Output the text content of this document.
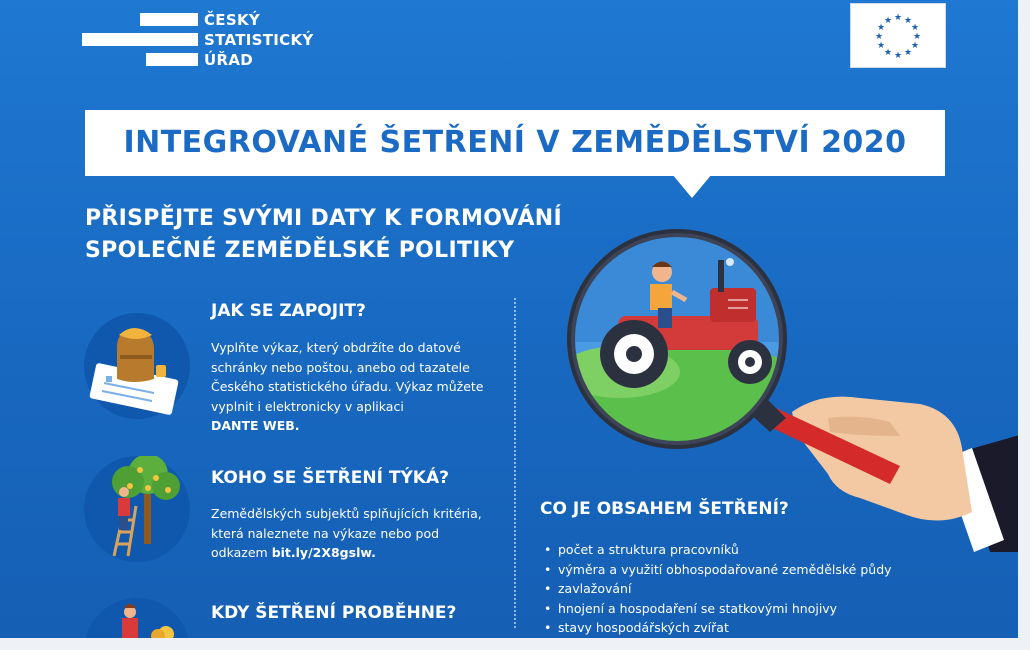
ČESKÝ
STATISTICKÝ
ÚŘAD
★ ★
★
★
★
★
★
★
★
★
★
★
INTEGROVANÉ ŠETŘENÍ V ZEMĚDĚLSTVÍ 2020
PŘISPĚJTE SVÝMI DATY K FORMOVÁNÍ
SPOLEČNÉ ZEMĚDĚLSKÉ POLITIKY
JAK SE ZAPOJIT?
Vyplňte výkaz, který obdržíte do datové
schránky nebo poštou, anebo od tazatele
Českého statistického úřadu. Výkaz můžete
vyplnit i elektronicky v aplikaci
DANTE WEB.
KOHO SE ŠETŘENÍ TÝKÁ?
Zemědělských subjektů splňujících kritéria,
která naleznete na výkaze nebo pod
odkazem bit.ly/2X8gslw.
KDY ŠETŘENÍ PROBĚHNE?
CO JE OBSAHEM ŠETŘENÍ?
• počet a struktura pracovníků
• výměra a využití obhospodařované zemědělské půdy
• zavlažování
• hnojení a hospodaření se statkovými hnojivy
• stavy hospodářských zvířat
